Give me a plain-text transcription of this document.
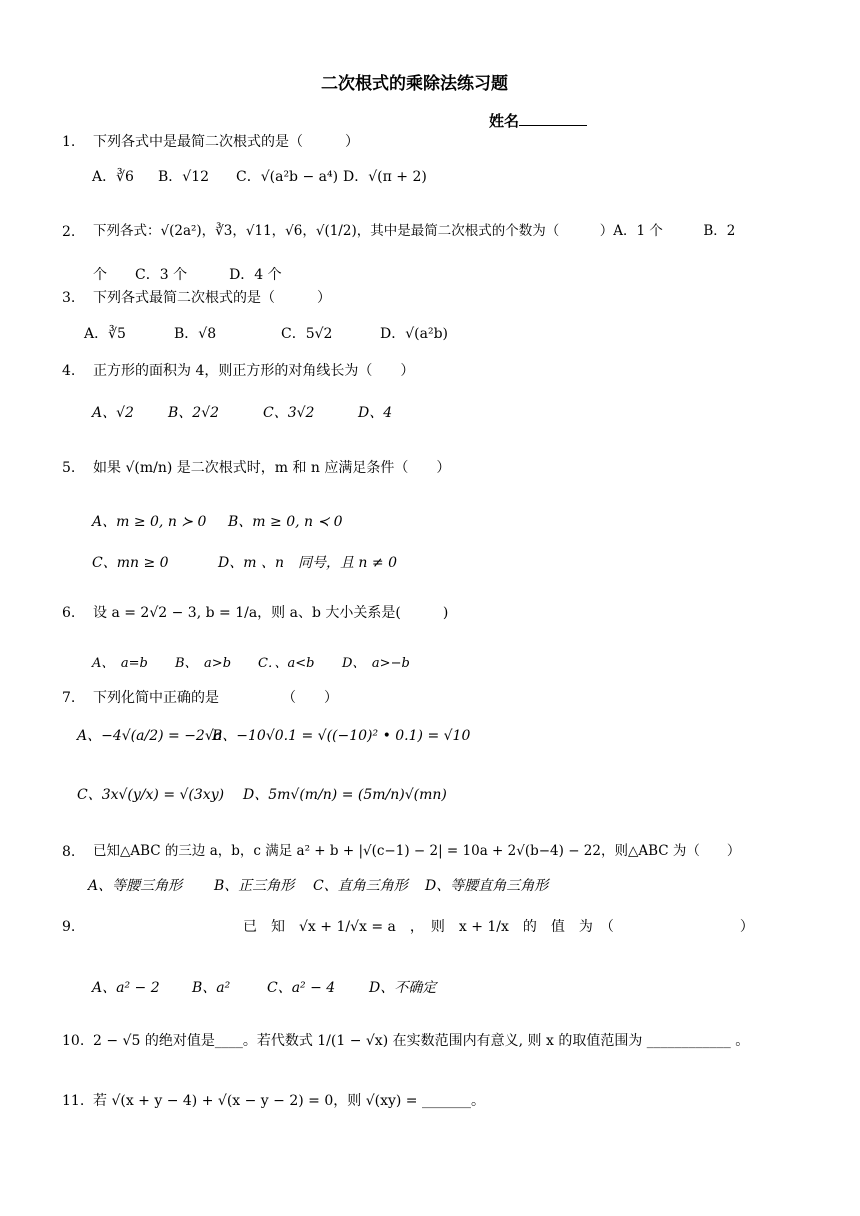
二次根式的乘除法练习题
姓名
1. 下列各式中是最简二次根式的是（　　　）
A．∛6 B．√12 C．√(a²b − a⁴) D．√(π + 2)
2. 下列各式：√(2a²)，∛3，√11，√6，√(1/2)，其中是最简二次根式的个数为（　　　）A．1 个　　　B．2
个　　C．3 个　　　D．4 个
3. 下列各式最简二次根式的是（　　　）
A．∛5	B．√8	C．5√2	D．√(a²b)
4. 正方形的面积为 4，则正方形的对角线长为（　　）
A、√2 B、2√2	C、3√2	D、4
5. 如果 √(m/n) 是二次根式时，m 和 n 应满足条件（　　）
A、m ≥ 0, n ≻ 0 B、m ≥ 0, n ≺ 0
C、mn ≥ 0	D、m 、n　同号，且 n ≠ 0
6. 设 a = 2√2 − 3, b = 1/a，则 a、b 大小关系是(　　　)
A、　a=b B、　a>b C．、a<b D、　a>−b
7. 下列化简中正确的是　　　　　（　　）
A、−4√(a/2) = −2√a
B、−10√0.1 = √((−10)² • 0.1) = √10
C、3x√(y/x) = √(3xy) D、5m√(m/n) = (5m/n)√(mn)
8. 已知△ABC 的三边 a，b，c 满足 a² + b + |√(c−1) − 2| = 10a + 2√(b−4) − 22，则△ABC 为（　　）
A、等腰三角形 B、正三角形 C、直角三角形 D、等腰直角三角形
9.	已　知　√x + 1/√x = a　，　则　x + 1/x　的　值　为　（　　　　　　　　　）
A、a² − 2 B、a²	C、a² − 4 D、不确定
10. 2 − √5 的绝对值是____。若代数式 1/(1 − √x) 在实数范围内有意义, 则 x 的取值范围为 ____________ 。
11. 若 √(x + y − 4) + √(x − y − 2) = 0，则 √(xy) = _______。
